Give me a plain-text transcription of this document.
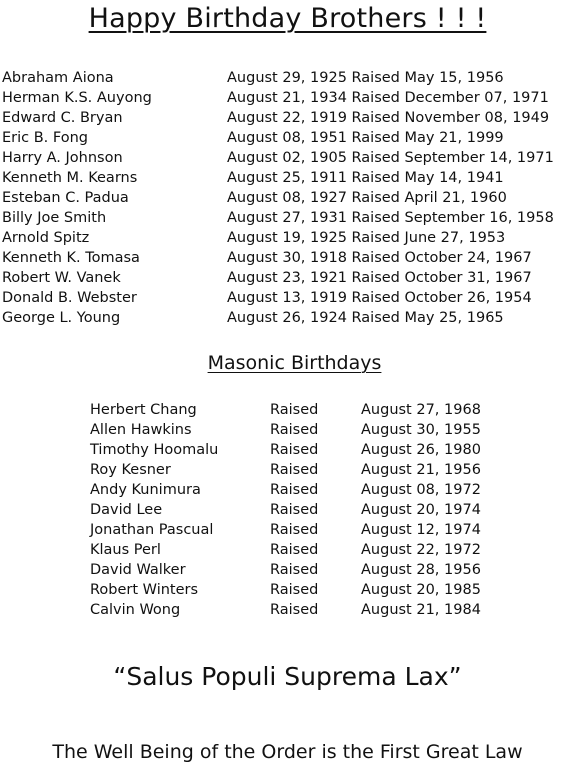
Happy Birthday Brothers ! ! !
Abraham Aiona	August 29, 1925 Raised May 15, 1956
Herman K.S. Auyong	August 21, 1934 Raised December 07, 1971
Edward C. Bryan	August 22, 1919 Raised November 08, 1949
Eric B. Fong	August 08, 1951 Raised May 21, 1999
Harry A. Johnson	August 02, 1905 Raised September 14, 1971
Kenneth M. Kearns	August 25, 1911 Raised May 14, 1941
Esteban C. Padua	August 08, 1927 Raised April 21, 1960
Billy Joe Smith	August 27, 1931 Raised September 16, 1958
Arnold Spitz	August 19, 1925 Raised June 27, 1953
Kenneth K. Tomasa	August 30, 1918 Raised October 24, 1967
Robert W. Vanek	August 23, 1921 Raised October 31, 1967
Donald B. Webster	August 13, 1919 Raised October 26, 1954
George L. Young	August 26, 1924 Raised May 25, 1965
Masonic Birthdays
Herbert Chang	Raised	August 27, 1968
Allen Hawkins	Raised	August 30, 1955
Timothy Hoomalu	Raised	August 26, 1980
Roy Kesner	Raised	August 21, 1956
Andy Kunimura	Raised	August 08, 1972
David Lee	Raised	August 20, 1974
Jonathan Pascual	Raised	August 12, 1974
Klaus Perl	Raised	August 22, 1972
David Walker	Raised	August 28, 1956
Robert Winters	Raised	August 20, 1985
Calvin Wong	Raised	August 21, 1984
“Salus Populi Suprema Lax”
The Well Being of the Order is the First Great Law
